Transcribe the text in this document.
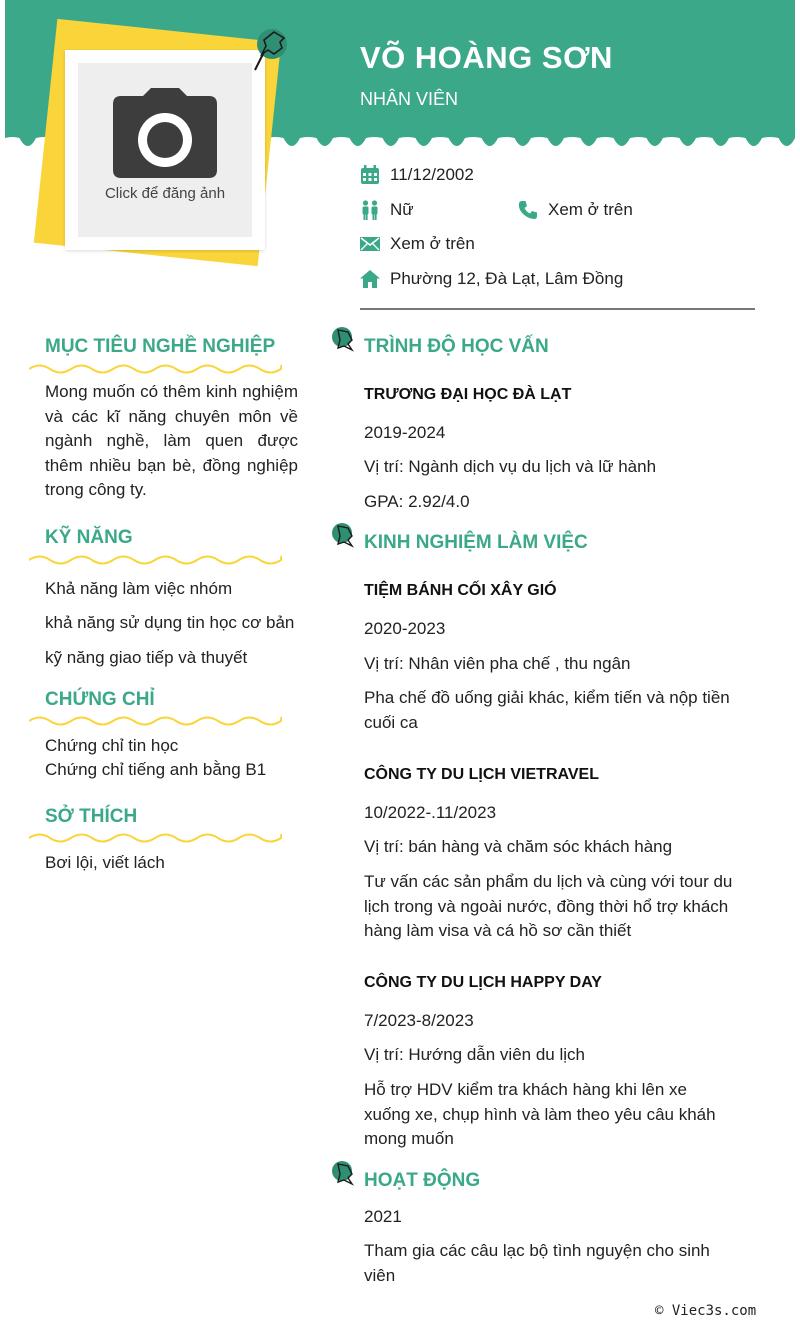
Click để đăng ảnh
VÕ HOÀNG SƠN
NHÂN VIÊN
11/12/2002
Nữ	Xem ở trên
Xem ở trên
Phường 12, Đà Lạt, Lâm Đồng
MỤC TIÊU NGHỀ NGHIỆP
Mong muốn có thêm kinh nghiệm và các kĩ năng chuyên môn về ngành nghề, làm quen được thêm nhiều bạn bè, đồng nghiệp trong công ty.
KỸ NĂNG
Khả năng làm việc nhóm
khả năng sử dụng tin học cơ bản
kỹ năng giao tiếp và thuyết
CHỨNG CHỈ
Chứng chỉ tin học
Chứng chỉ tiếng anh bằng B1
SỞ THÍCH
Bơi lội, viết lách
TRÌNH ĐỘ HỌC VẤN
TRƯƠNG ĐẠI HỌC ĐÀ LẠT
2019-2024
Vị trí: Ngành dịch vụ du lịch và lữ hành
GPA: 2.92/4.0
KINH NGHIỆM LÀM VIỆC
TIỆM BÁNH CỐI XÂY GIÓ
2020-2023
Vị trí: Nhân viên pha chế , thu ngân
Pha chế đồ uống giải khác, kiểm tiến và nộp tiền
cuối ca
CÔNG TY DU LỊCH VIETRAVEL
10/2022-.11/2023
Vị trí: bán hàng và chăm sóc khách hàng
Tư vấn các sản phẩm du lịch và cùng với tour du
lịch trong và ngoài nước, đồng thời hổ trợ khách
hàng làm visa và cá hồ sơ cần thiết
CÔNG TY DU LỊCH HAPPY DAY
7/2023-8/2023
Vị trí: Hướng dẫn viên du lịch
Hỗ trợ HDV kiểm tra khách hàng khi lên xe
xuống xe, chụp hình và làm theo yêu câu kháh
mong muốn
HOẠT ĐỘNG
2021
Tham gia các câu lạc bộ tình nguyện cho sinh
viên
© Viec3s.com
